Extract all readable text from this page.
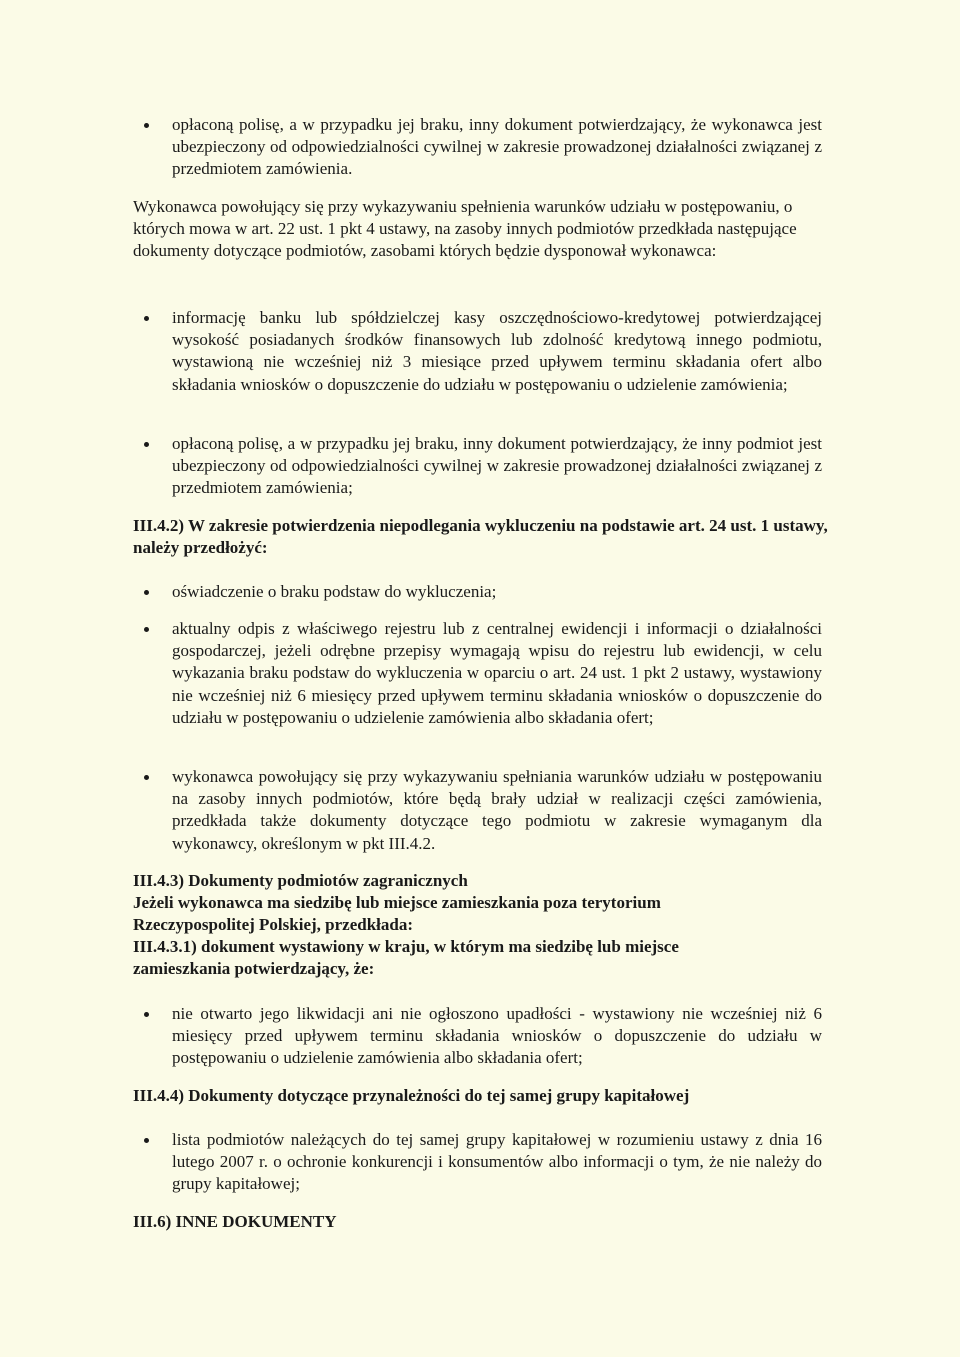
opłaconą polisę, a w przypadku jej braku, inny dokument potwierdzający, że wykonawca jest ubezpieczony od odpowiedzialności cywilnej w zakresie prowadzonej działalności związanej z przedmiotem zamówienia.
Wykonawca powołujący się przy wykazywaniu spełnienia warunków udziału w postępowaniu, o których mowa w art. 22 ust. 1 pkt 4 ustawy, na zasoby innych podmiotów przedkłada następujące dokumenty dotyczące podmiotów, zasobami których będzie dysponował wykonawca:
informację banku lub spółdzielczej kasy oszczędnościowo-kredytowej potwierdzającej wysokość posiadanych środków finansowych lub zdolność kredytową innego podmiotu, wystawioną nie wcześniej niż 3 miesiące przed upływem terminu składania ofert albo składania wniosków o dopuszczenie do udziału w postępowaniu o udzielenie zamówienia;
opłaconą polisę, a w przypadku jej braku, inny dokument potwierdzający, że inny podmiot jest ubezpieczony od odpowiedzialności cywilnej w zakresie prowadzonej działalności związanej z przedmiotem zamówienia;
III.4.2) W zakresie potwierdzenia niepodlegania wykluczeniu na podstawie art. 24 ust. 1 ustawy, należy przedłożyć:
oświadczenie o braku podstaw do wykluczenia;
aktualny odpis z właściwego rejestru lub z centralnej ewidencji i informacji o działalności gospodarczej, jeżeli odrębne przepisy wymagają wpisu do rejestru lub ewidencji, w celu wykazania braku podstaw do wykluczenia w oparciu o art. 24 ust. 1 pkt 2 ustawy, wystawiony nie wcześniej niż 6 miesięcy przed upływem terminu składania wniosków o dopuszczenie do udziału w postępowaniu o udzielenie zamówienia albo składania ofert;
wykonawca powołujący się przy wykazywaniu spełniania warunków udziału w postępowaniu na zasoby innych podmiotów, które będą brały udział w realizacji części zamówienia, przedkłada także dokumenty dotyczące tego podmiotu w zakresie wymaganym dla wykonawcy, określonym w pkt III.4.2.
III.4.3) Dokumenty podmiotów zagranicznych
Jeżeli wykonawca ma siedzibę lub miejsce zamieszkania poza terytorium Rzeczypospolitej Polskiej, przedkłada:
III.4.3.1) dokument wystawiony w kraju, w którym ma siedzibę lub miejsce zamieszkania potwierdzający, że:
nie otwarto jego likwidacji ani nie ogłoszono upadłości - wystawiony nie wcześniej niż 6 miesięcy przed upływem terminu składania wniosków o dopuszczenie do udziału w postępowaniu o udzielenie zamówienia albo składania ofert;
III.4.4) Dokumenty dotyczące przynależności do tej samej grupy kapitałowej
lista podmiotów należących do tej samej grupy kapitałowej w rozumieniu ustawy z dnia 16 lutego 2007 r. o ochronie konkurencji i konsumentów albo informacji o tym, że nie należy do grupy kapitałowej;
III.6) INNE DOKUMENTY
